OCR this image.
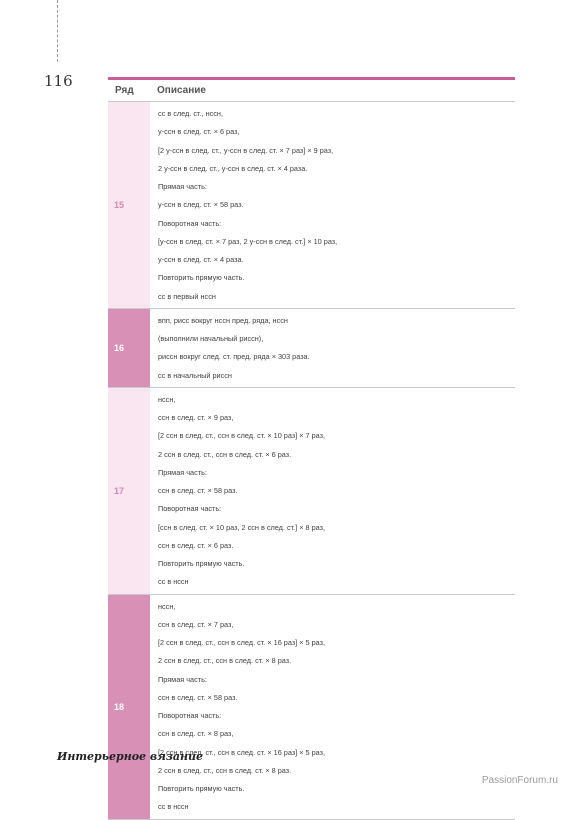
116
Ряд	Описание
15
сс в след. ст., нссн,
у-ссн в след. ст. × 6 раз,
[2 у-ссн в след. ст., у-ссн в след. ст. × 7 раз] × 9 раз,
2 у-ссн в след. ст., у-ссн в след. ст. × 4 раза.
Прямая часть:
у-ссн в след. ст. × 58 раз.
Поворотная часть:
[у-ссн в след. ст. × 7 раз, 2 у-ссн в след. ст.] × 10 раз,
у-ссн в след. ст. × 4 раза.
Повторить прямую часть.
сс в первый нссн
16
впп, рисс вокруг нссн пред. ряда, нссн
(выполнили начальный риссн),
риссн вокруг след. ст. пред. ряда × 303 раза.
сс в начальный риссн
17
нссн,
ссн в след. ст. × 9 раз,
[2 ссн в след. ст., ссн в след. ст. × 10 раз] × 7 раз,
2 ссн в след. ст., ссн в след. ст. × 6 раз.
Прямая часть:
ссн в след. ст. × 58 раз.
Поворотная часть:
[ссн в след. ст. × 10 раз, 2 ссн в след. ст.] × 8 раз,
ссн в след. ст. × 6 раз.
Повторить прямую часть.
сс в нссн
18
нссн,
ссн в след. ст. × 7 раз,
[2 ссн в след. ст., ссн в след. ст. × 16 раз] × 5 раз,
2 ссн в след. ст., ссн в след. ст. × 8 раз.
Прямая часть:
ссн в след. ст. × 58 раз.
Поворотная часть:
ссн в след. ст. × 8 раз,
[2 ссн в след. ст., ссн в след. ст. × 16 раз] × 5 раз,
2 ссн в след. ст., ссн в след. ст. × 8 раз.
Повторить прямую часть.
сс в нссн
Интерьерное вязание
PassionForum.ru
